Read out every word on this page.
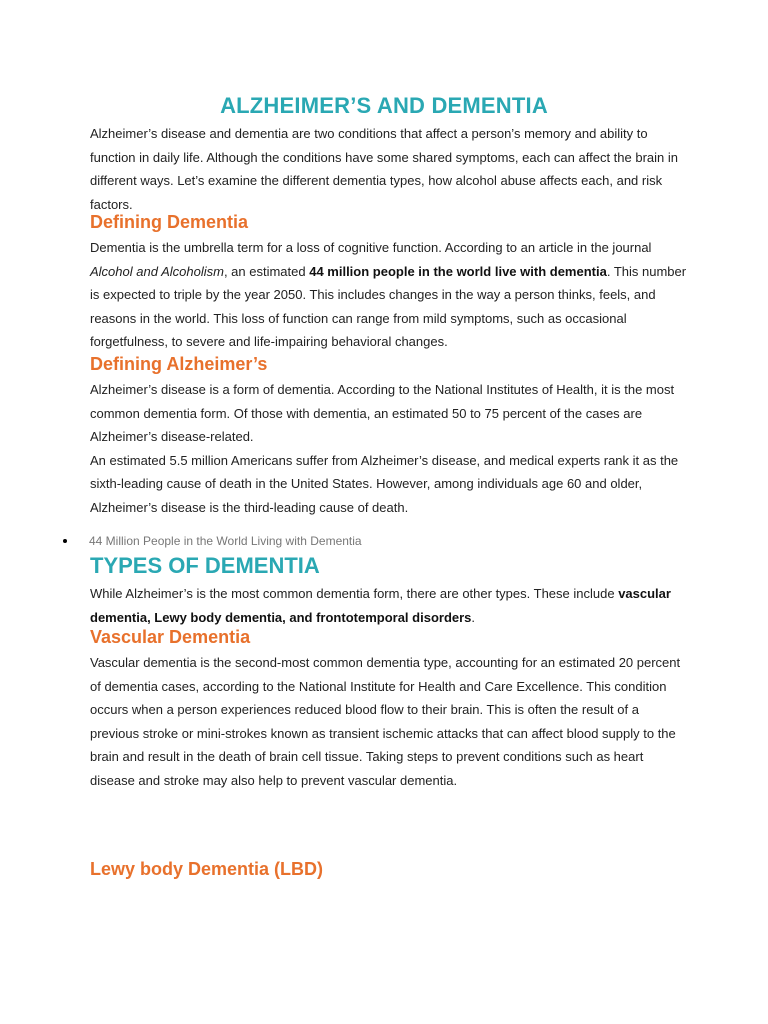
ALZHEIMER’S AND DEMENTIA

Alzheimer’s disease and dementia are two conditions that affect a person’s memory and ability to function in daily life. Although the conditions have some shared symptoms, each can affect the brain in different ways. Let’s examine the different dementia types, how alcohol abuse affects each, and risk factors.

Defining Dementia

Dementia is the umbrella term for a loss of cognitive function. According to an article in the journal Alcohol and Alcoholism, an estimated 44 million people in the world live with dementia. This number is expected to triple by the year 2050. This includes changes in the way a person thinks, feels, and reasons in the world. This loss of function can range from mild symptoms, such as occasional forgetfulness, to severe and life-impairing behavioral changes.

Defining Alzheimer’s

Alzheimer’s disease is a form of dementia. According to the National Institutes of Health, it is the most common dementia form. Of those with dementia, an estimated 50 to 75 percent of the cases are Alzheimer’s disease-related.

An estimated 5.5 million Americans suffer from Alzheimer’s disease, and medical experts rank it as the sixth-leading cause of death in the United States. However, among individuals age 60 and older, Alzheimer’s disease is the third-leading cause of death.

44 Million People in the World Living with Dementia
TYPES OF DEMENTIA

While Alzheimer’s is the most common dementia form, there are other types. These include vascular dementia, Lewy body dementia, and frontotemporal disorders.

Vascular Dementia

Vascular dementia is the second-most common dementia type, accounting for an estimated 20 percent of dementia cases, according to the National Institute for Health and Care Excellence. This condition occurs when a person experiences reduced blood flow to their brain. This is often the result of a previous stroke or mini-strokes known as transient ischemic attacks that can affect blood supply to the brain and result in the death of brain cell tissue. Taking steps to prevent conditions such as heart disease and stroke may also help to prevent vascular dementia.

Lewy body Dementia (LBD)
